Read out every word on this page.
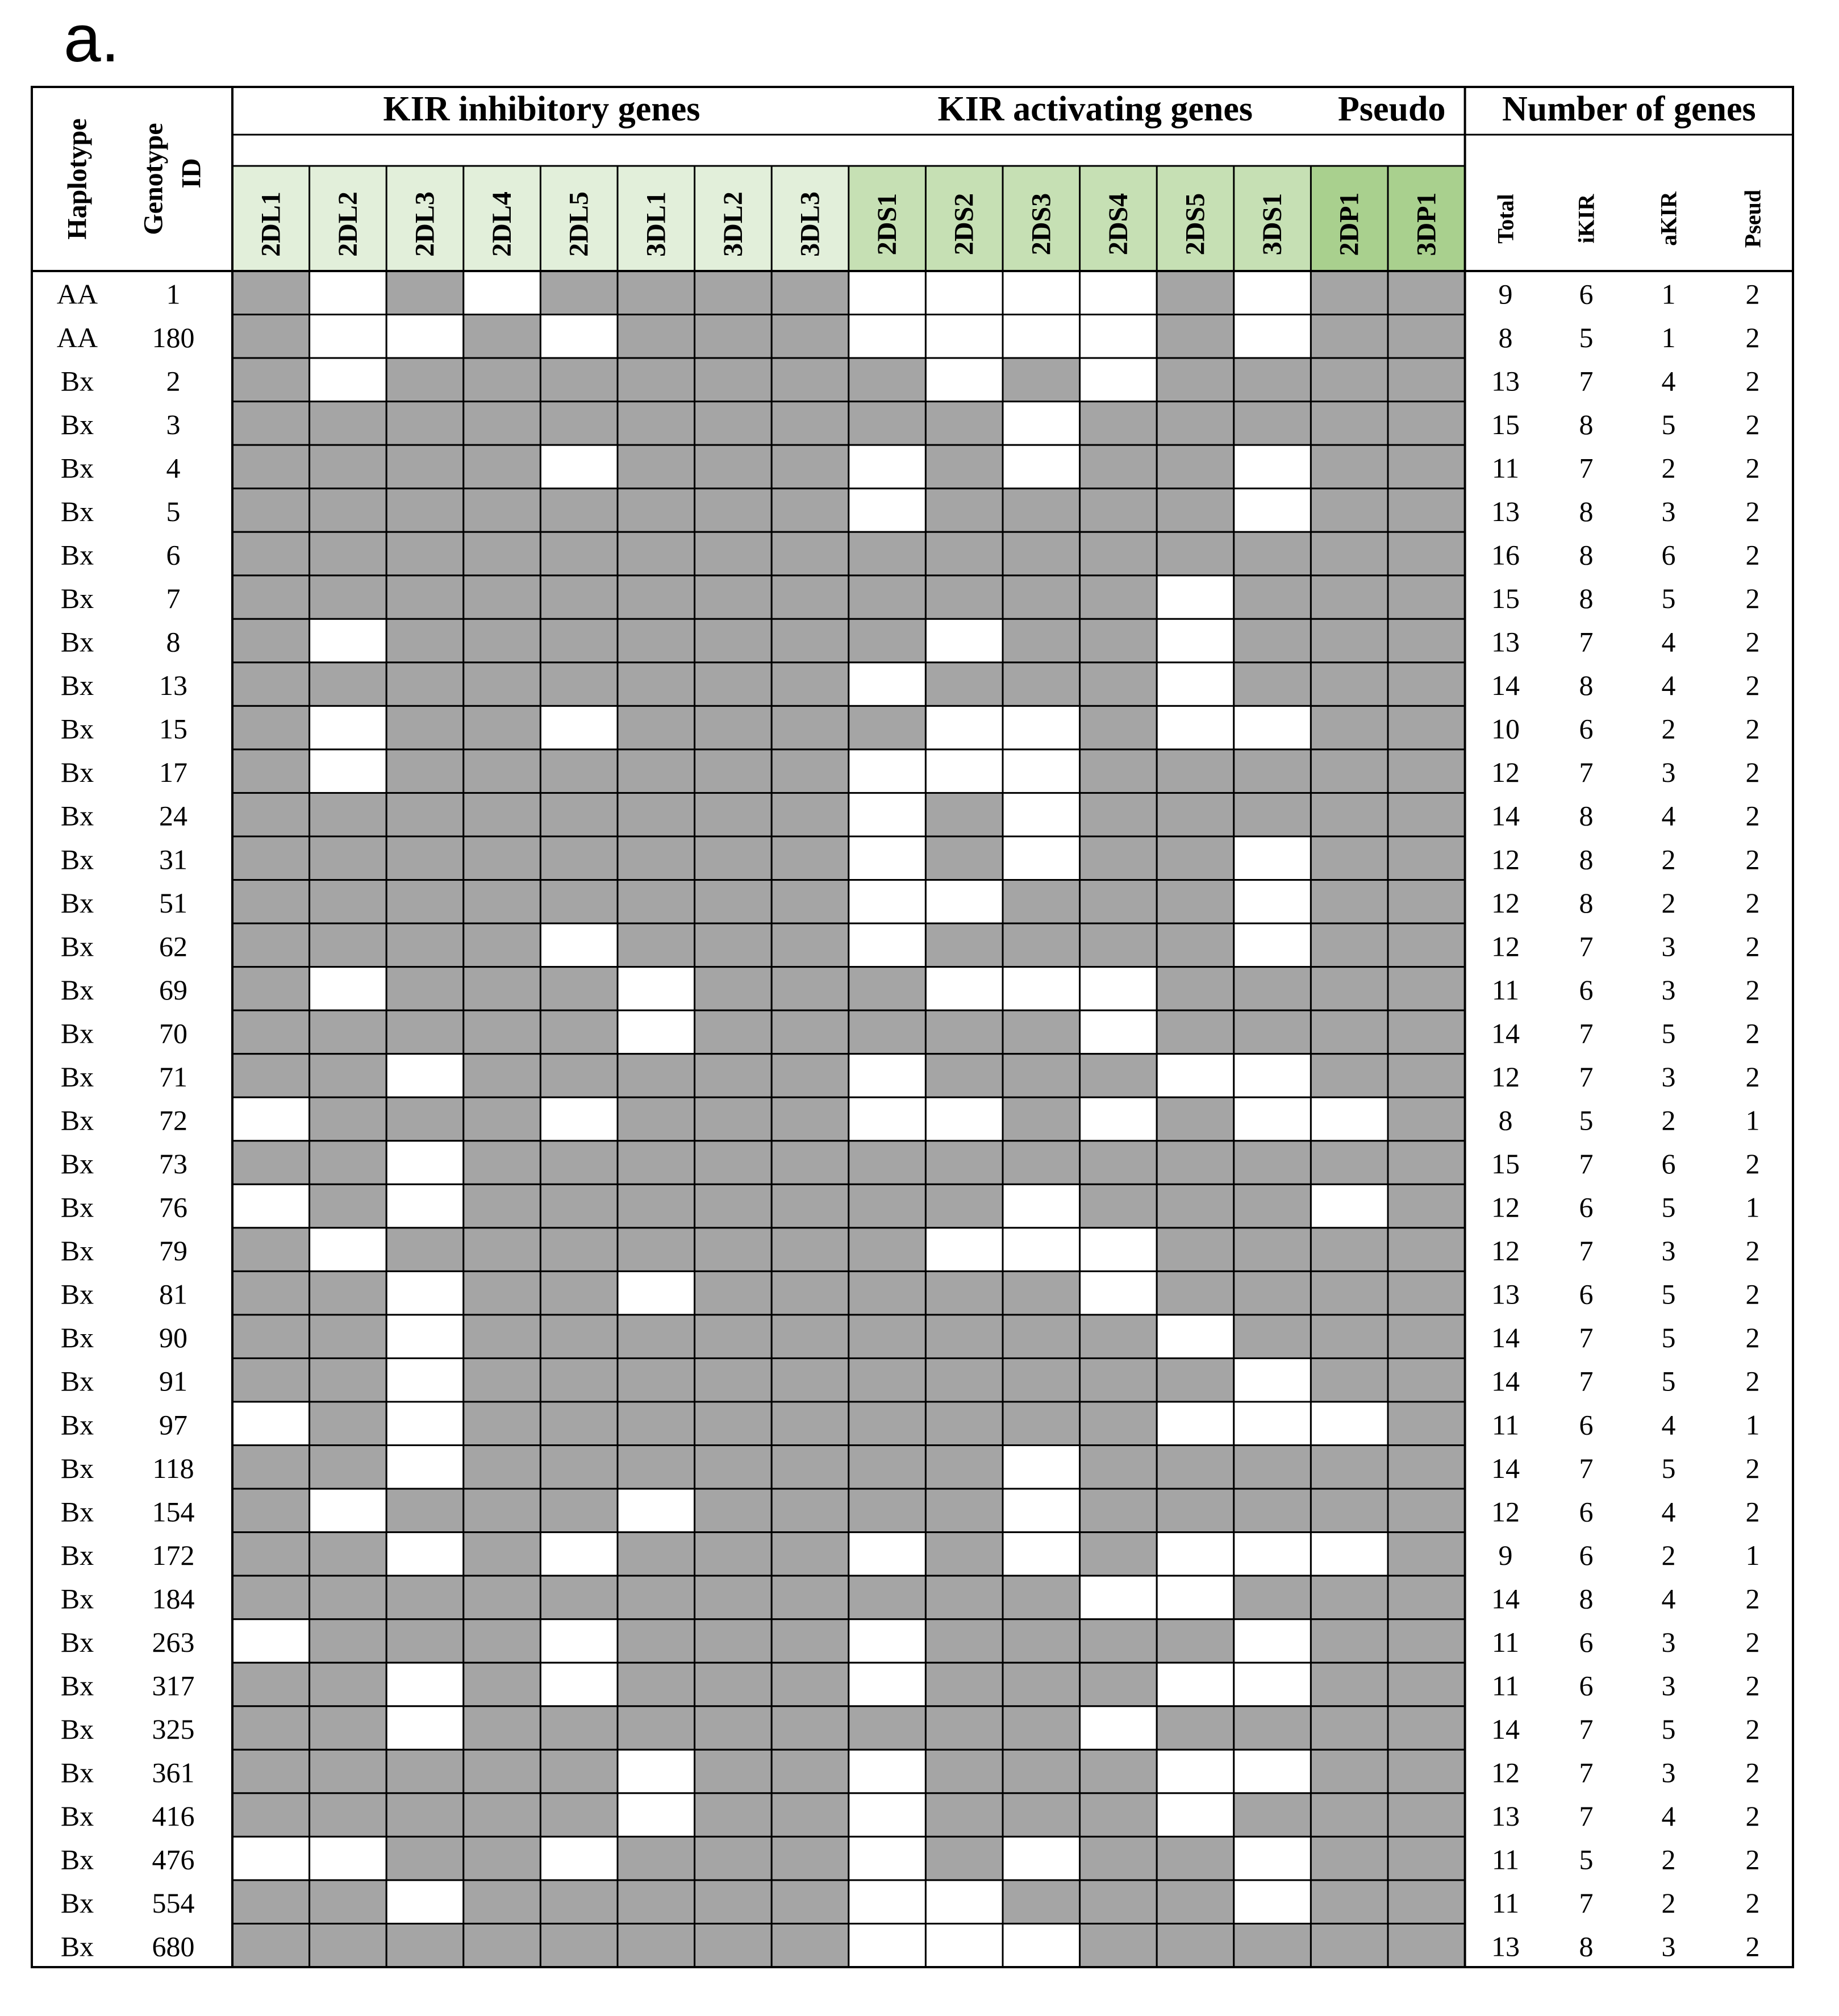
a.
2DL1 2DL2 2DL3 2DL4 2DL5 3DL1 3DL2 3DL3 2DS1 2DS2 2DS3 2DS4 2DS5 3DS1 2DP1 3DP1
KIR inhibitory genes	KIR activating genes Pseudo Number of genes
Haplotype Genotype ID
Total iKIR	aKIR	Pseud
AA 1	9 6 1 2
AA 180	8 5 1 2
Bx	2	13 7 4 2
Bx	3	15 8 5 2
Bx	4	11 7 2 2
Bx	5	13 8 3 2
Bx	6	16 8 6 2
Bx	7	15 8 5 2
Bx	8	13 7 4 2
Bx 13	14 8 4 2
Bx 15	10 6 2 2
Bx 17	12 7 3 2
Bx 24	14 8 4 2
Bx 31	12 8 2 2
Bx 51	12 8 2 2
Bx 62	12 7 3 2
Bx 69	11 6 3 2
Bx 70	14 7 5 2
Bx 71	12 7 3 2
Bx 72	8 5 2 1
Bx 73	15 7 6 2
Bx 76	12 6 5 1
Bx 79	12 7 3 2
Bx 81	13 6 5 2
Bx 90	14 7 5 2
Bx 91	14 7 5 2
Bx 97	11 6 4 1
Bx 118	14 7 5 2
Bx 154	12 6 4 2
Bx 172	9 6 2 1
Bx 184	14 8 4 2
Bx 263	11 6 3 2
Bx 317	11 6 3 2
Bx 325	14 7 5 2
Bx 361	12 7 3 2
Bx 416	13 7 4 2
Bx 476	11 5 2 2
Bx 554	11 7 2 2
Bx 680	13 8 3 2
